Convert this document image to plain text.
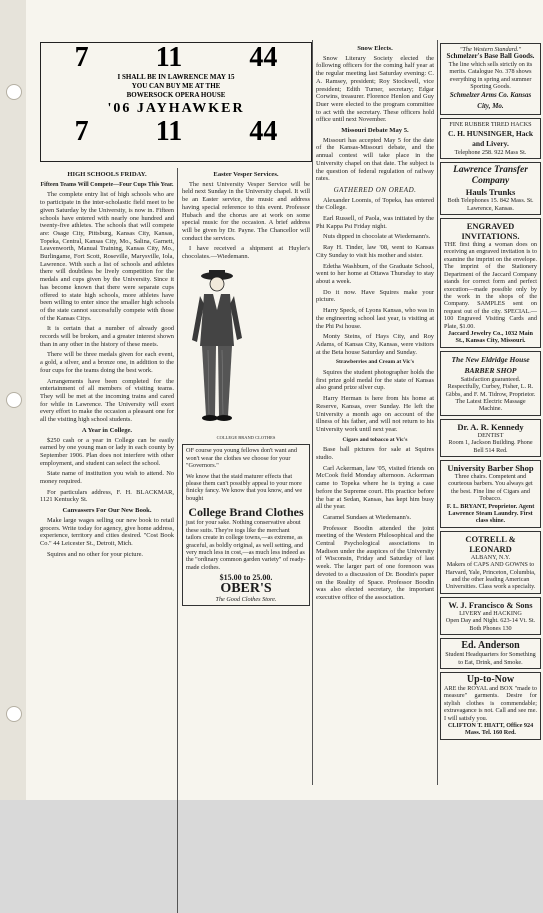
7 11 44
I SHALL BE IN LAWRENCE MAY 15
YOU CAN BUY ME AT THE
BOWERSOCK OPERA HOUSE
'06 JAYHAWKER
7 11 44
HIGH SCHOOLS FRIDAY.
Fifteen Teams Will Compete—Four Cups This Year.

The complete entry list of high schools who are to participate in the inter-scholastic field meet to be given Saturday by the University, is now in. Fifteen schools have entered with nearly one hundred and twenty-five athletes. The schools that will compete are: Osage City, Pittsburg, Kansas City, Kansas, Topeka, Central, Kansas City, Mo., Salina, Garnett, Leavenworth, Manual Training, Kansas City, Mo., Burlingame, Fort Scott, Roseville, Marysville, Iola, Lawrence. With such a list of schools and athletes there will doubtless be lively competition for the medals and cups given by the University. Since it has become known that there were separate cups offered to state high schools, more athletes have been willing to enter since the smaller high schools of the state cannot successfully compete with those of the Kansas Citys.

It is certain that a number of already good records will be broken, and a greater interest shown than in any other in the history of these meets.

There will be three medals given for each event, a gold, a silver, and a bronze one, in addition to the four cups for the teams doing the best work.

Arrangements have been completed for the entertainment of all members of visiting teams. They will be met at the incoming trains and cared for while in Lawrence. The University will exert every effort to make the occasion a pleasant one for all the visiting high school students.

A Year in College.

$250 cash or a year in College can be easily earned by one young man or lady in each county by September 1906. Plan does not interfere with other employment, and student can select the school.

State name of institution you wish to attend. No money required.

For particulars address, F. H. BLACKMAR, 1121 Kentucky St.

Canvassers For Our New Book.

Make large wages selling our new book to retail grocers. Write today for agency, give home address, experience, territory and cities desired. "Cost Book Co." 44 Leicester St., Detroit, Mich.

Squires and no other for your picture.

Easter Vesper Services.

The next University Vesper Service will be held next Sunday in the University chapel. It will be an Easter service, the music and address having special reference to this event. Professor Hubach and the chorus are at work on some special music for the occasion. A brief address will be given by Dr. Payne. The Chancellor will conduct the services.

I have received a shipment at Huyler's chocolates.—Wiedemann.

COLLEGE BRAND CLOTHES

OF course you young fellows don't want and won't wear the clothes we choose for your "Governors."

We know that the staid maturer effects that please them can't possibly appeal to your more finicky fancy. We know that you know, and we bought

College Brand Clothes

just for your sake. Nothing conservative about these suits. They're togs like the merchant tailors create in college towns,—as extreme, as graceful, as boldly original, as well setting, and very much less in cost,—as much less indeed as the "ordinary common garden variety" of ready-made clothes.

$15.00 to 25.00.
OBER'S
The Good Clothes Store.
Snow Elects.

Snow Literary Society elected the following officers for the coming half year at the regular meeting last Saturday evening: C. A. Ramsey, president; Roy Stockwell, vice president; Edith Turner, secretary; Edgar Corwins, treasurer. Florence Henlon and Guy Duer were elected to the program committee to act with the secretary. These officers hold office until next November.

Missouri Debate May 5.

Missouri has accepted May 5 for the date of the Kansas-Missouri debate, and the annual contest will take place in the University chapel on that date. The subject is the question of federal regulation of railway rates.

GATHERED ON OREAD.

Alexander Loomis, of Topeka, has entered the College.

Earl Russell, of Paola, was initiated by the Phi Kappa Psi Friday night.

Nuts dipped in chocolate at Wiedemann's.

Ray H. Tinder, law '08, went to Kansas City Sunday to visit his mother and sister.

Edetha Washburn, of the Graduate School, went to her home at Ottawa Thursday to stay about a week.

Do it now. Have Squires make your picture.

Harry Speck, of Lyons Kansas, who was in the engineering school last year, is visiting at the Phi Psi house.

Monty Steins, of Hays City, and Roy Adams, of Kansas City, Kansas, were visitors at the Beta house Saturday and Sunday.

Strawberries and Cream at Vic's

Squires the student photographer holds the first prize gold medal for the state of Kansas also grand prize silver cup.

Harry Herman is here from his home at Reserve, Kansas, over Sunday. He left the University a month ago on account of the illness of his father, and will not return to his University work until next year.

Cigars and tobacco at Vic's

Base ball pictures for sale at Squires studio.

Carl Ackerman, law '05, visited friends on McCook field Monday afternoon. Ackerman came to Topeka where he is trying a case before the Supreme court. His practice before the bar at Sedan, Kansas, has kept him busy all the year.

Caramel Sundaes at Wiedemann's.

Professor Boodin attended the joint meeting of the Western Philosophical and the Central Psychological associations in Madison under the auspices of the University of Wisconsin, Friday and Saturday of last week. The larger part of one forenoon was devoted to a discussion of Dr. Boodin's paper on the Reality of Space. Professor Boodin was also elected secretary, the important executive office of the association.

"The Western Standard."
Schmelzer's Base Ball Goods.
The line which sells strictly on its merits. Catalogue No. 378 shows everything in spring and summer Sporting Goods.
Schmelzer Arms Co. Kansas City, Mo.
FINE RUBBER TIRED HACKS
C. H. HUNSINGER, Hack and Livery.
Telephone 258. 922 Mass St.
Lawrence Transfer Company
Hauls Trunks
Both Telephones 15. 842 Mass. St. Lawrence, Kansas.
ENGRAVED INVITATIONS.
THE first thing a woman does on receiving an engraved invitation is to examine the imprint on the envelope. The imprint of the Stationery Department of the Jaccard Company stands for correct form and perfect execution—made possible only by the work in the shops of the Company. SAMPLES sent on request out of the city. SPECIAL.—100 Engraved Visiting Cards and Plate, $1.00.
Jaccard Jewelry Co., 1032 Main St., Kansas City, Missouri.
The New Eldridge House BARBER SHOP
Satisfaction guaranteed. Respectfully, Curbey, Fisher, L. R. Gibbs, and F. M. Tidrow, Proprietor. The Latest Electric Massage Machine.
Dr. A. R. Kennedy
DENTIST
Room 1, Jackson Building. Phone Bell 514 Red.
University Barber Shop
Three chairs. Competent and courteous barbers. You always get the best. Fine line of Cigars and Tobacco.
F. L. BRYANT, Proprietor. Agent Lawrence Steam Laundry. First class shine.
COTRELL & LEONARD
ALBANY, N.Y.
Makers of CAPS AND GOWNS to Harvard, Yale, Princeton, Columbia, and the other leading American Universities. Class work a specialty.
W. J. Francisco & Sons
LIVERY and HACKING
Open Day and Night. 623-14 Vt. St. Both Phones 130
Ed. Anderson
Student Headquarters for Something to Eat, Drink, and Smoke.
Up-to-Now
ARE the ROYAL and BOX "made to measure" garments. Desire for stylish clothes is commendable; extravagance is not. Call and see me. I will satisfy you.
CLIFTON T. HIATT, Office 924 Mass. Tel. 160 Red.
